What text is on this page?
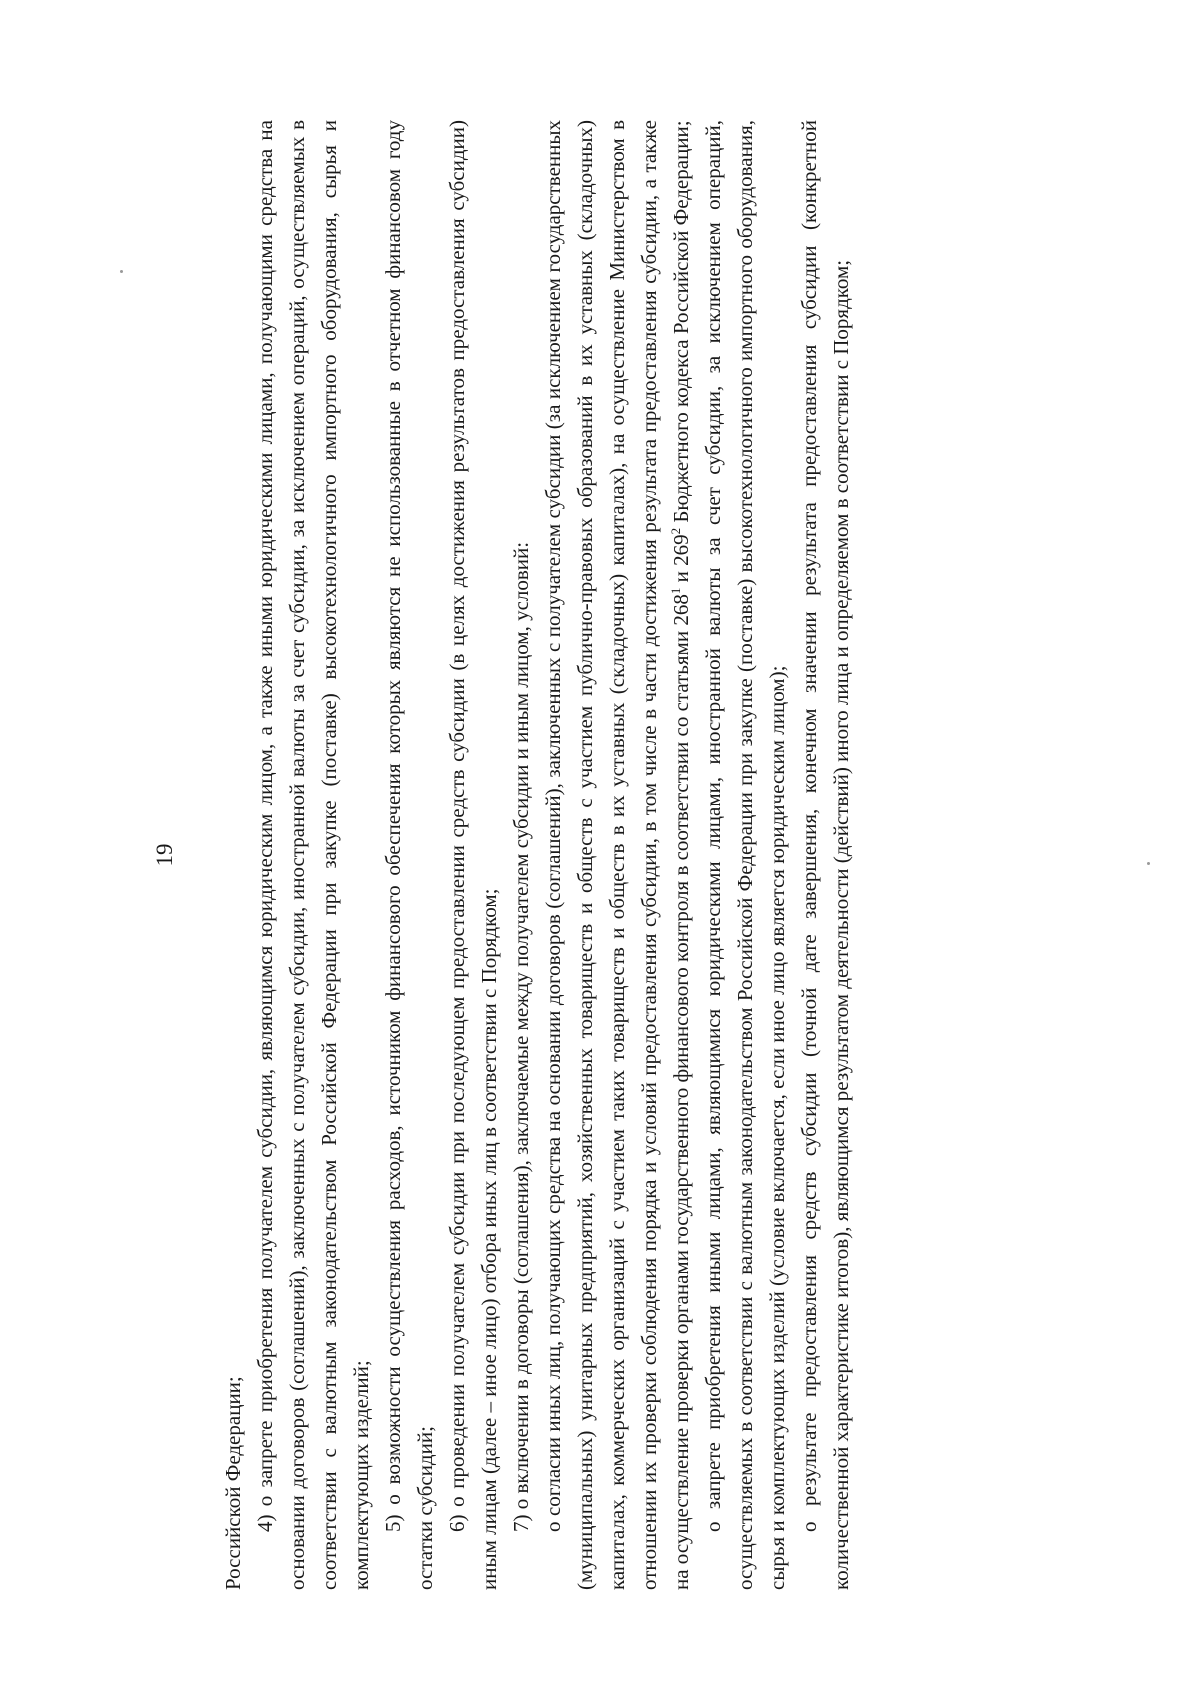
19

Российской Федерации; 4) о запрете приобретения получателем субсидии, являющимся юридическим лицом, а также иными юридическими лицами, получающими средства на основании договоров (соглашений), заключенных с получателем субсидии, иностранной валюты за счет субсидии, за исключением операций, осуществляемых в соответствии с валютным законодательством Российской Федерации при закупке (поставке) высокотехнологичного импортного оборудования, сырья и комплектующих изделий; 5) о возможности осуществления расходов, источником финансового обеспечения которых являются не использованные в отчетном финансовом году остатки субсидий; 6) о проведении получателем субсидии при последующем предоставлении средств субсидии (в целях достижения результатов предоставления субсидии) иным лицам (далее – иное лицо) отбора иных лиц в соответствии с Порядком; 7) о включении в договоры (соглашения), заключаемые между получателем субсидии и иным лицом, условий: о согласии иных лиц, получающих средства на основании договоров (соглашений), заключенных с получателем субсидии (за исключением государственных (муниципальных) унитарных предприятий, хозяйственных товариществ и обществ с участием публично-правовых образований в их уставных (складочных) капиталах, коммерческих организаций с участием таких товариществ и обществ в их уставных (складочных) капиталах), на осуществление Министерством в отношении их проверки соблюдения порядка и условий предоставления субсидии, в том числе в части достижения результата предоставления субсидии, а также на осуществление проверки органами государственного финансового контроля в соответствии со статьями $268^1$ и $269^2$ Бюджетного кодекса Российской Федерации; о запрете приобретения иными лицами, являющимися юридическими лицами, иностранной валюты за счет субсидии, за исключением операций, осуществляемых в соответствии с валютным законодательством Российской Федерации при закупке (поставке) высокотехнологичного импортного оборудования, сырья и комплектующих изделий (условие включается, если иное лицо является юридическим лицом); о результате предоставления средств субсидии (точной дате завершения, конечном значении результата предоставления субсидии (конкретной количественной характеристике итогов), являющимся результатом деятельности (действий) иного лица и определяемом в соответствии с Порядком;
